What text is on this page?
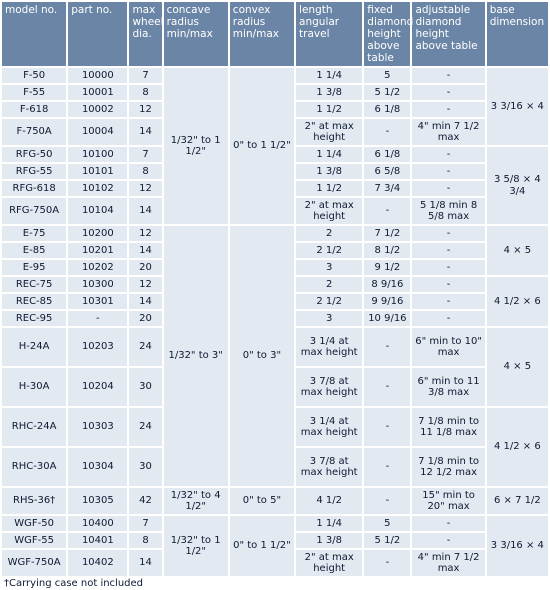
model no.	part no.	max wheel dia.	concave radius min/max	convex radius min/max	length angular travel	fixed diamond height above table	adjustable diamond height above table	base dimension
F-50	10000	7	1/32" to 1 1/2"	0" to 1 1/2"	1 1/4	5	-	3 3/16 × 4
F-55	10001	8			1 3/8	5 1/2	-	
F-618	10002	12			1 1/2	6 1/8	-	
F-750A	10004	14			2" at max height	-	4" min 7 1/2 max	
RFG-50	10100	7			1 1/4	6 1/8	-	3 5/8 × 4 3/4
RFG-55	10101	8			1 3/8	6 5/8	-	
RFG-618	10102	12			1 1/2	7 3/4	-	
RFG-750A	10104	14			2" at max height	-	5 1/8 min 8 5/8 max	
E-75	10200	12	1/32" to 3"	0" to 3"	2	7 1/2	-	4 × 5
E-85	10201	14			2 1/2	8 1/2	-	
E-95	10202	20			3	9 1/2	-	
REC-75	10300	12			2	8 9/16	-	4 1/2 × 6
REC-85	10301	14			2 1/2	9 9/16	-	
REC-95	-	20			3	10 9/16	-	
H-24A	10203	24			3 1/4 at max height	-	6" min to 10" max	4 × 5
H-30A	10204	30			3 7/8 at max height	-	6" min to 11 3/8 max	
RHC-24A	10303	24			3 1/4 at max height	-	7 1/8 min to 11 1/8 max	4 1/2 × 6
RHC-30A	10304	30			3 7/8 at max height	-	7 1/8 min to 12 1/2 max	
RHS-36†	10305	42	1/32" to 4 1/2"	0" to 5"	4 1/2	-	15" min to 20" max	6 × 7 1/2
WGF-50	10400	7	1/32" to 1 1/2"	0" to 1 1/2"	1 1/4	5	-	3 3/16 × 4
WGF-55	10401	8			1 3/8	5 1/2	-	
WGF-750A	10402	14			2" at max height	-	4" min 7 1/2 max	
†Carrying case not included
